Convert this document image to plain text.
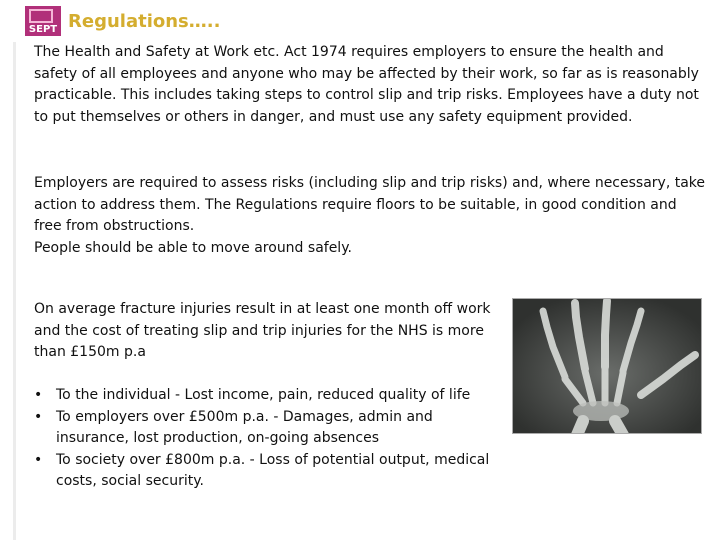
SEPT Regulations…..
The Health and Safety at Work etc. Act 1974 requires employers to ensure the health and safety of all employees and anyone who may be affected by their work, so far as is reasonably practicable. This includes taking steps to control slip and trip risks. Employees have a duty not to put themselves or others in danger, and must use any safety equipment provided.
Employers are required to assess risks (including slip and trip risks) and, where necessary, take action to address them. The Regulations require floors to be suitable, in good condition and free from obstructions.
People should be able to move around safely.
On average fracture injuries result in at least one month off work and the cost of treating slip and trip injuries for the NHS is more than £150m p.a
• To the individual - Lost income, pain, reduced quality of life
• To employers over £500m p.a. - Damages, admin and insurance, lost production, on-going absences
• To society over £800m p.a. - Loss of potential output, medical costs, social security.
